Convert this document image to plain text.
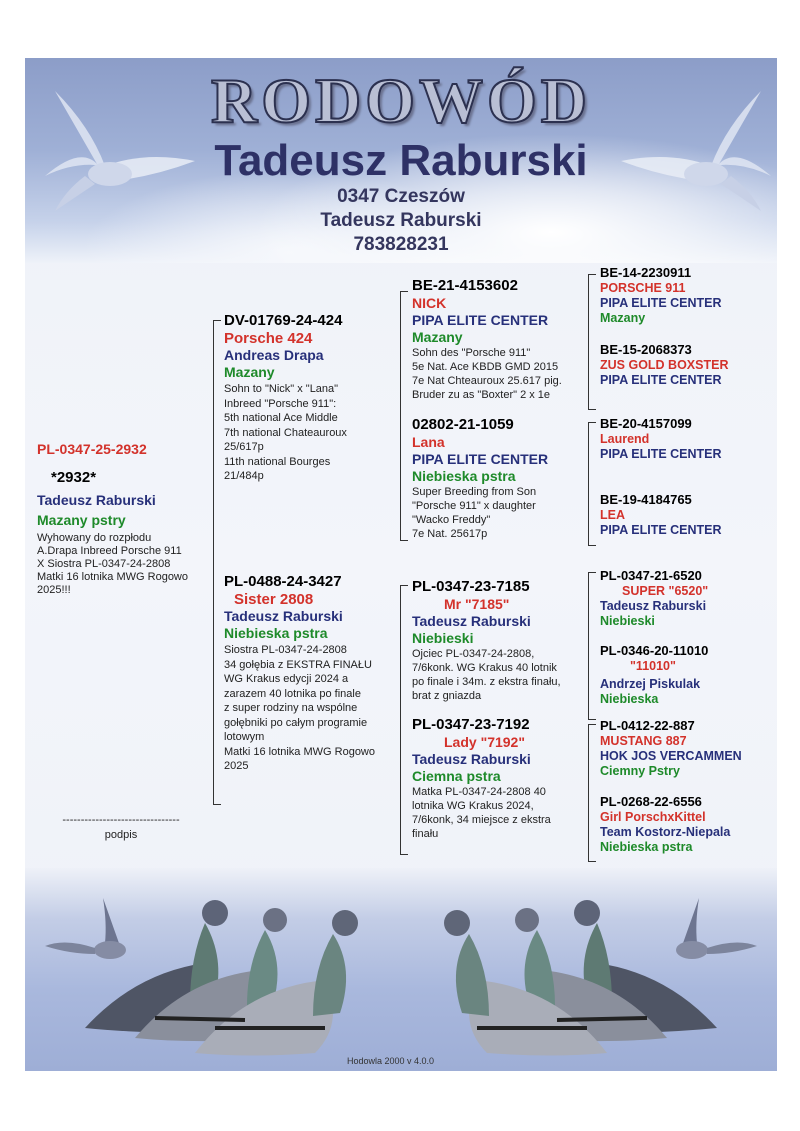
RODOWÓD
Tadeusz Raburski
0347 Czeszów
Tadeusz Raburski
783828231
PL-0347-25-2932
*2932*
Tadeusz Raburski
Mazany pstry
Wyhowany do rozpłodu
A.Drapa Inbreed Porsche 911
X Siostra PL-0347-24-2808
Matki 16 lotnika MWG Rogowo
2025!!!
--------------------------------
podpis
DV-01769-24-424
Porsche 424
Andreas Drapa
Mazany
Sohn to "Nick" x "Lana"
Inbreed "Porsche 911":
5th national Ace Middle
7th national Chateauroux
25/617p
11th national Bourges
21/484p
PL-0488-24-3427
Sister 2808
Tadeusz Raburski
Niebieska pstra
Siostra PL-0347-24-2808
34 gołębia z EKSTRA FINAŁU
WG Krakus edycji 2024 a
zarazem 40 lotnika po finale
z super rodziny na wspólne
gołębniki po całym programie
lotowym
Matki 16 lotnika MWG Rogowo
2025
BE-21-4153602
NICK
PIPA ELITE CENTER
Mazany
Sohn des "Porsche 911"
5e Nat. Ace KBDB GMD 2015
7e Nat Chteauroux 25.617 pig.
Bruder zu as "Boxter" 2 x 1e
02802-21-1059
Lana
PIPA ELITE CENTER
Niebieska pstra
Super Breeding from Son
"Porsche 911" x daughter
"Wacko Freddy"
7e Nat. 25617p
PL-0347-23-7185
Mr "7185"
Tadeusz Raburski
Niebieski
Ojciec PL-0347-24-2808,
7/6konk. WG Krakus 40 lotnik
po finale i 34m. z ekstra finału,
brat z gniazda
PL-0347-23-7192
Lady "7192"
Tadeusz Raburski
Ciemna pstra
Matka PL-0347-24-2808 40
lotnika WG Krakus 2024,
7/6konk, 34 miejsce z ekstra
finału
BE-14-2230911
PORSCHE 911
PIPA ELITE CENTER
Mazany
BE-15-2068373
ZUS GOLD BOXSTER
PIPA ELITE CENTER
BE-20-4157099
Laurend
PIPA ELITE CENTER
BE-19-4184765
LEA
PIPA ELITE CENTER
PL-0347-21-6520
SUPER "6520"
Tadeusz Raburski
Niebieski
PL-0346-20-11010
"11010"
Andrzej Piskulak
Niebieska
PL-0412-22-887
MUSTANG 887
HOK JOS VERCAMMEN
Ciemny Pstry
PL-0268-22-6556
Girl PorschxKittel
Team Kostorz-Niepala
Niebieska pstra
Hodowla 2000 v 4.0.0
